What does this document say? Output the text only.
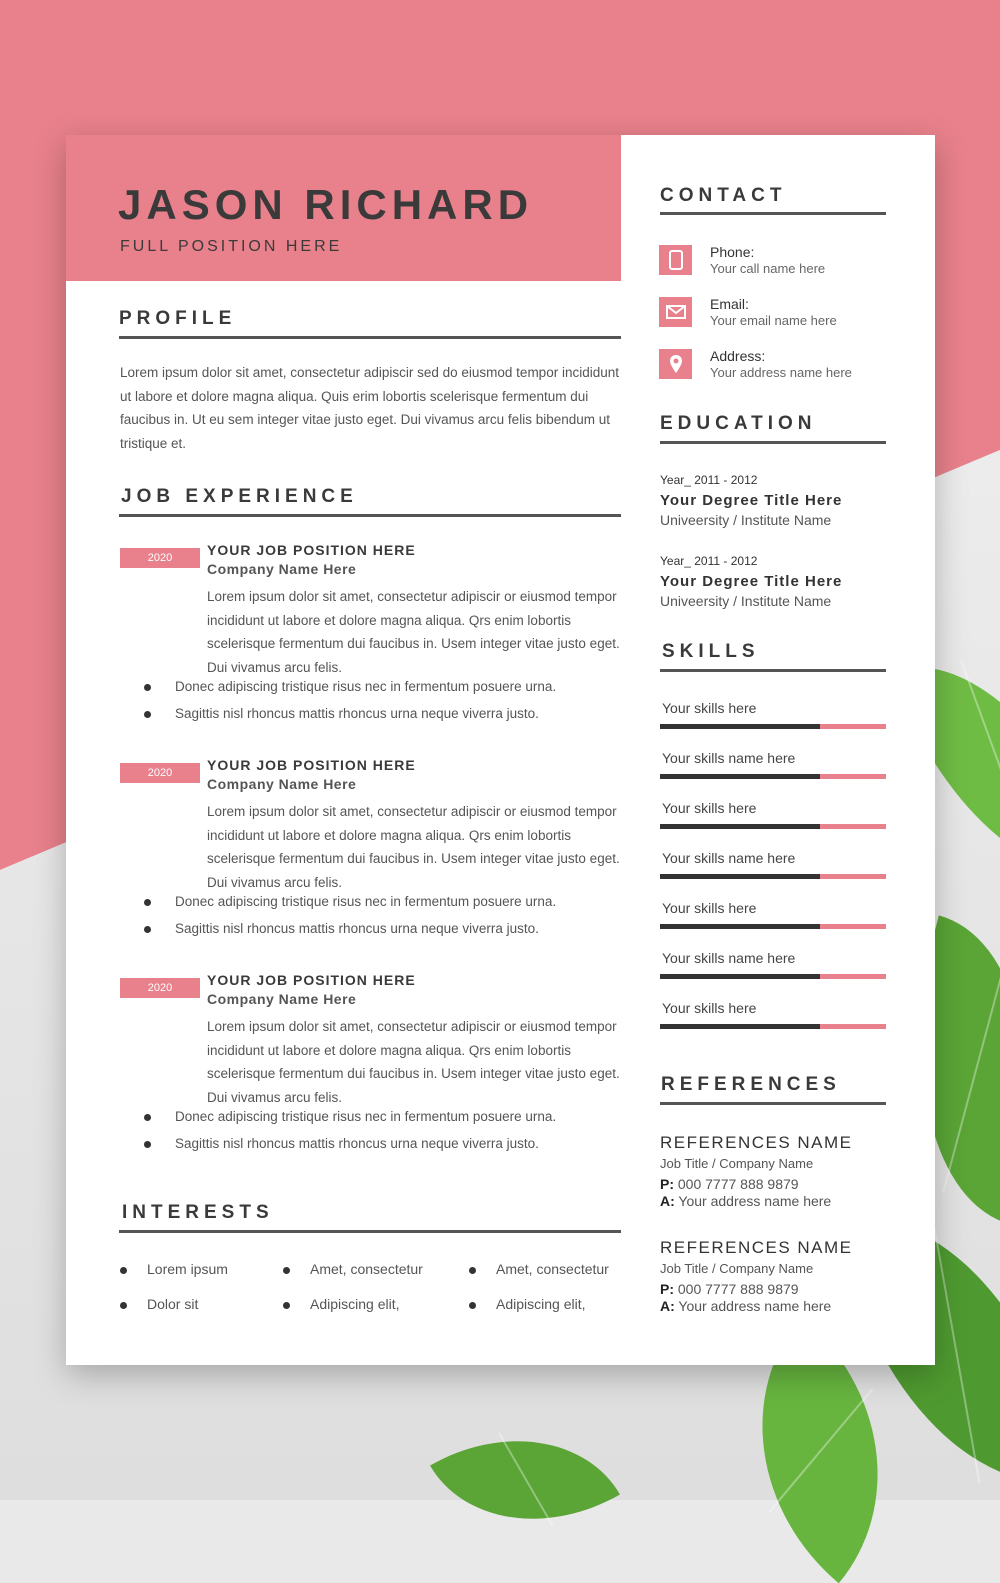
JASON RICHARD
FULL POSITION HERE
PROFILE
Lorem ipsum dolor sit amet, consectetur adipiscir sed do eiusmod tempor incididunt ut labore et dolore magna aliqua. Quis erim lobortis scelerisque fermentum dui faucibus in. Ut eu sem integer vitae justo eget. Dui vivamus arcu felis bibendum ut tristique et.
JOB EXPERIENCE
2020	YOUR JOB POSITION HERE
Company Name Here
Lorem ipsum dolor sit amet, consectetur adipiscir or eiusmod tempor incididunt ut labore et dolore magna aliqua. Qrs enim lobortis scelerisque fermentum dui faucibus in. Usem integer vitae justo eget. Dui vivamus arcu felis.
Donec adipiscing tristique risus nec in fermentum posuere urna.
Sagittis nisl rhoncus mattis rhoncus urna neque viverra justo.
2020	YOUR JOB POSITION HERE
Company Name Here
Lorem ipsum dolor sit amet, consectetur adipiscir or eiusmod tempor incididunt ut labore et dolore magna aliqua. Qrs enim lobortis scelerisque fermentum dui faucibus in. Usem integer vitae justo eget. Dui vivamus arcu felis.
Donec adipiscing tristique risus nec in fermentum posuere urna.
Sagittis nisl rhoncus mattis rhoncus urna neque viverra justo.
2020	YOUR JOB POSITION HERE
Company Name Here
Lorem ipsum dolor sit amet, consectetur adipiscir or eiusmod tempor incididunt ut labore et dolore magna aliqua. Qrs enim lobortis scelerisque fermentum dui faucibus in. Usem integer vitae justo eget. Dui vivamus arcu felis.
Donec adipiscing tristique risus nec in fermentum posuere urna.
Sagittis nisl rhoncus mattis rhoncus urna neque viverra justo.
INTERESTS
Lorem ipsum	Amet, consectetur	Amet, consectetur
Dolor sit	Adipiscing elit,	Adipiscing elit,
CONTACT
Phone:
Your call name here
Email:
Your email name here
Address:
Your address name here
EDUCATION
Year_ 2011 - 2012
Your Degree Title Here
Univeersity / Institute Name
Year_ 2011 - 2012
Your Degree Title Here
Univeersity / Institute Name
SKILLS
Your skills here
Your skills name here
Your skills here
Your skills name here
Your skills here
Your skills name here
Your skills here
REFERENCES
REFERENCES NAME
Job Title / Company Name
P: 000 7777 888 9879
A: Your address name here
REFERENCES NAME
Job Title / Company Name
P: 000 7777 888 9879
A: Your address name here
